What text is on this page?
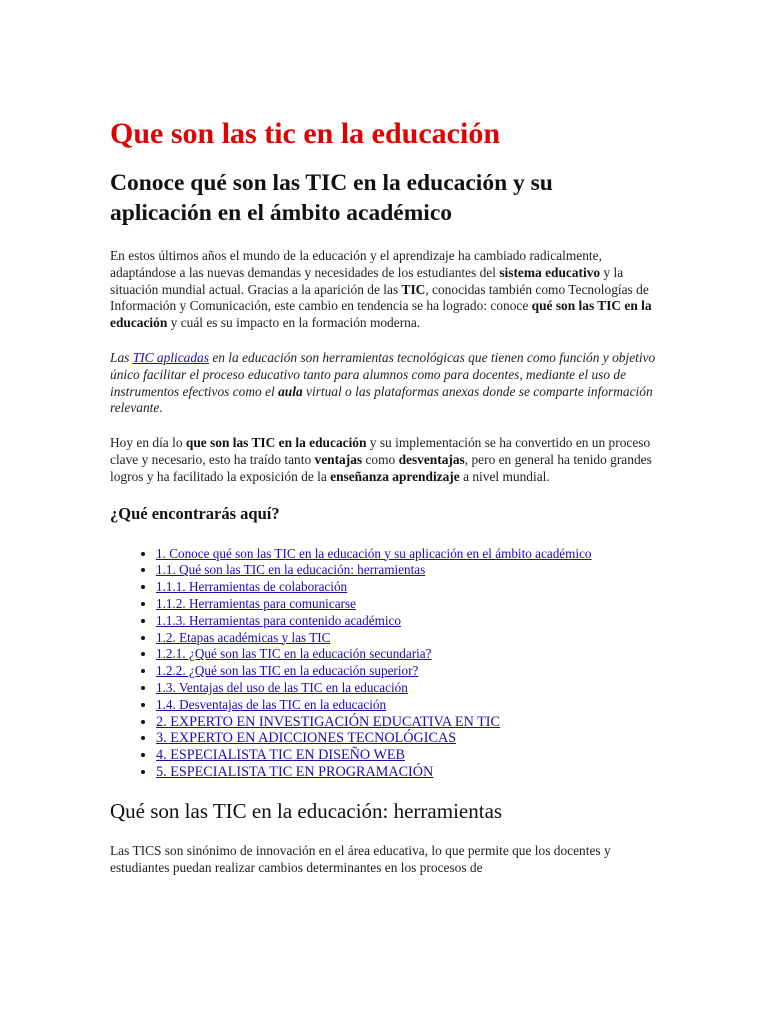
Que son las tic en la educación
Conoce qué son las TIC en la educación y su aplicación en el ámbito académico

En estos últimos años el mundo de la educación y el aprendizaje ha cambiado radicalmente, adaptándose a las nuevas demandas y necesidades de los estudiantes del sistema educativo y la situación mundial actual. Gracias a la aparición de las TIC, conocidas también como Tecnologías de Información y Comunicación, este cambio en tendencia se ha logrado: conoce qué son las TIC en la educación y cuál es su impacto en la formación moderna.

Las TIC aplicadas en la educación son herramientas tecnológicas que tienen como función y objetivo único facilitar el proceso educativo tanto para alumnos como para docentes, mediante el uso de instrumentos efectivos como el aula virtual o las plataformas anexas donde se comparte información relevante.

Hoy en día lo que son las TIC en la educación y su implementación se ha convertido en un proceso clave y necesario, esto ha traído tanto ventajas como desventajas, pero en general ha tenido grandes logros y ha facilitado la exposición de la enseñanza aprendizaje a nivel mundial.

¿Qué encontrarás aquí?
• 1. Conoce qué son las TIC en la educación y su aplicación en el ámbito académico
• 1.1. Qué son las TIC en la educación: herramientas
• 1.1.1. Herramientas de colaboración
• 1.1.2. Herramientas para comunicarse
• 1.1.3. Herramientas para contenido académico
• 1.2. Etapas académicas y las TIC
• 1.2.1. ¿Qué son las TIC en la educación secundaria?
• 1.2.2. ¿Qué son las TIC en la educación superior?
• 1.3. Ventajas del uso de las TIC en la educación
• 1.4. Desventajas de las TIC en la educación
• 2. EXPERTO EN INVESTIGACIÓN EDUCATIVA EN TIC
• 3. EXPERTO EN ADICCIONES TECNOLÓGICAS
• 4. ESPECIALISTA TIC EN DISEÑO WEB
• 5. ESPECIALISTA TIC EN PROGRAMACIÓN
Qué son las TIC en la educación: herramientas

Las TICS son sinónimo de innovación en el área educativa, lo que permite que los docentes y estudiantes puedan realizar cambios determinantes en los procesos de
